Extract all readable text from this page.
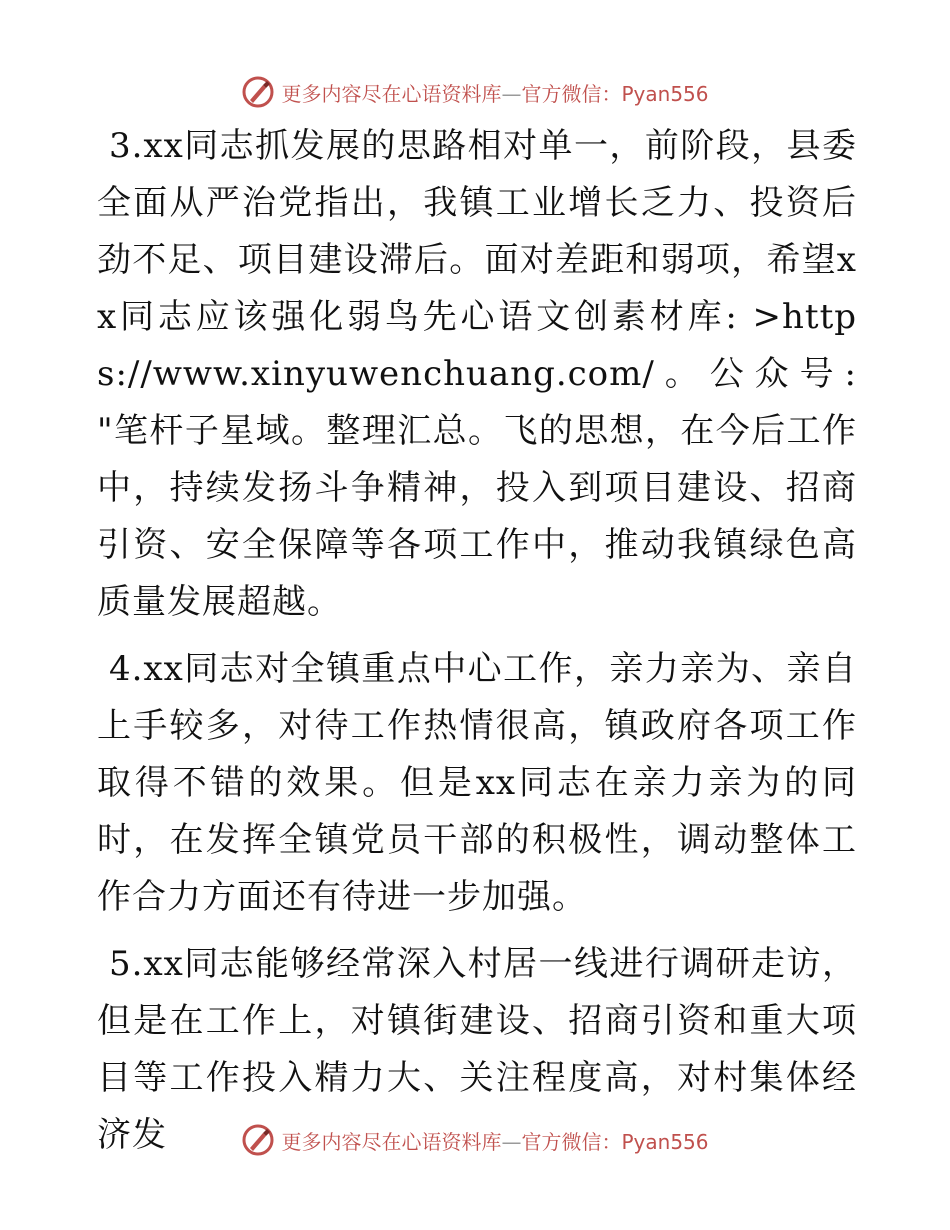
更多内容尽在心语资料库—官方微信：Pyan556

3.xx同志抓发展的思路相对单一，前阶段，县委全面从严治党指出，我镇工业增长乏力、投资后劲不足、项目建设滞后。面对差距和弱项，希望xx同志应该强化弱鸟先心语文创素材库: >https://www.xinyuwenchuang.com/。公众号: "笔杆子星域。整理汇总。飞的思想，在今后工作中，持续发扬斗争精神，投入到项目建设、招商引资、安全保障等各项工作中，推动我镇绿色高质量发展超越。

4.xx同志对全镇重点中心工作，亲力亲为、亲自上手较多，对待工作热情很高，镇政府各项工作取得不错的效果。但是xx同志在亲力亲为的同时，在发挥全镇党员干部的积极性，调动整体工作合力方面还有待进一步加强。

5.xx同志能够经常深入村居一线进行调研走访，但是在工作上，对镇街建设、招商引资和重大项目等工作投入精力大、关注程度高，对村集体经济发	更多内容尽在心语资料库—官方微信：Pyan556
